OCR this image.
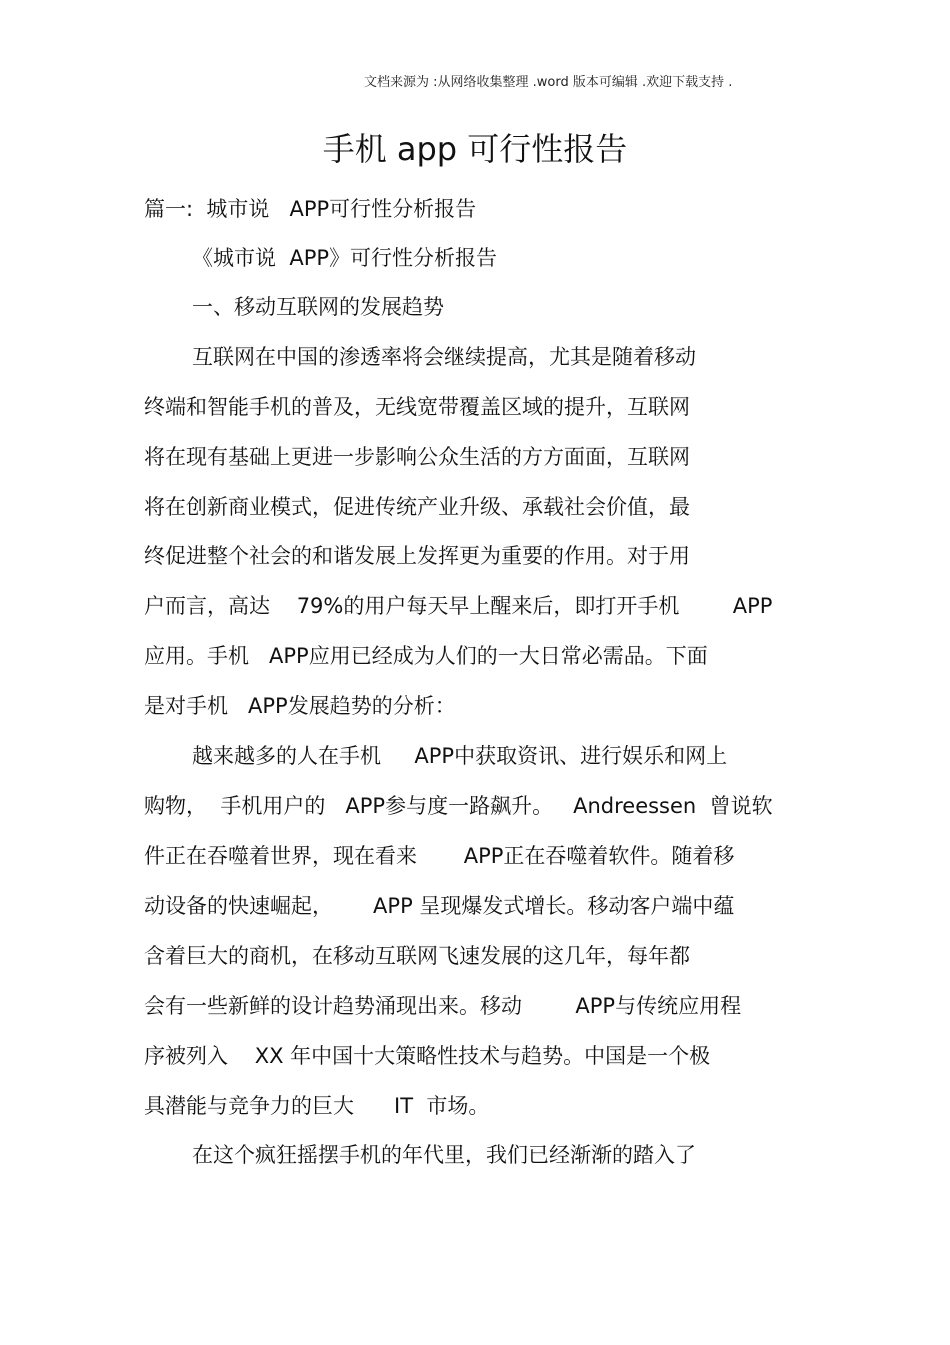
文档来源为 :从网络收集整理 .word 版本可编辑 .欢迎下载支持 .
手机 app 可行性报告
篇一:  城市说   APP可行性分析报告
《城市说  APP》可行性分析报告
一、移动互联网的发展趋势
互联网在中国的渗透率将会继续提高，尤其是随着移动
终端和智能手机的普及，无线宽带覆盖区域的提升，互联网
将在现有基础上更进一步影响公众生活的方方面面，互联网
将在创新商业模式，促进传统产业升级、承载社会价值，最
终促进整个社会的和谐发展上发挥更为重要的作用。对于用
户而言，高达    79%的用户每天早上醒来后，即打开手机        APP
应用。手机   APP应用已经成为人们的一大日常必需品。下面
是对手机   APP发展趋势的分析：
越来越多的人在手机     APP中获取资讯、进行娱乐和网上
购物，  手机用户的   APP参与度一路飙升。   Andreessen  曾说软
件正在吞噬着世界，现在看来       APP正在吞噬着软件。随着移
动设备的快速崛起，      APP 呈现爆发式增长。移动客户端中蕴
含着巨大的商机，在移动互联网飞速发展的这几年，每年都
会有一些新鲜的设计趋势涌现出来。移动        APP与传统应用程
序被列入    XX 年中国十大策略性技术与趋势。中国是一个极
具潜能与竞争力的巨大      IT  市场。
在这个疯狂摇摆手机的年代里，我们已经渐渐的踏入了
